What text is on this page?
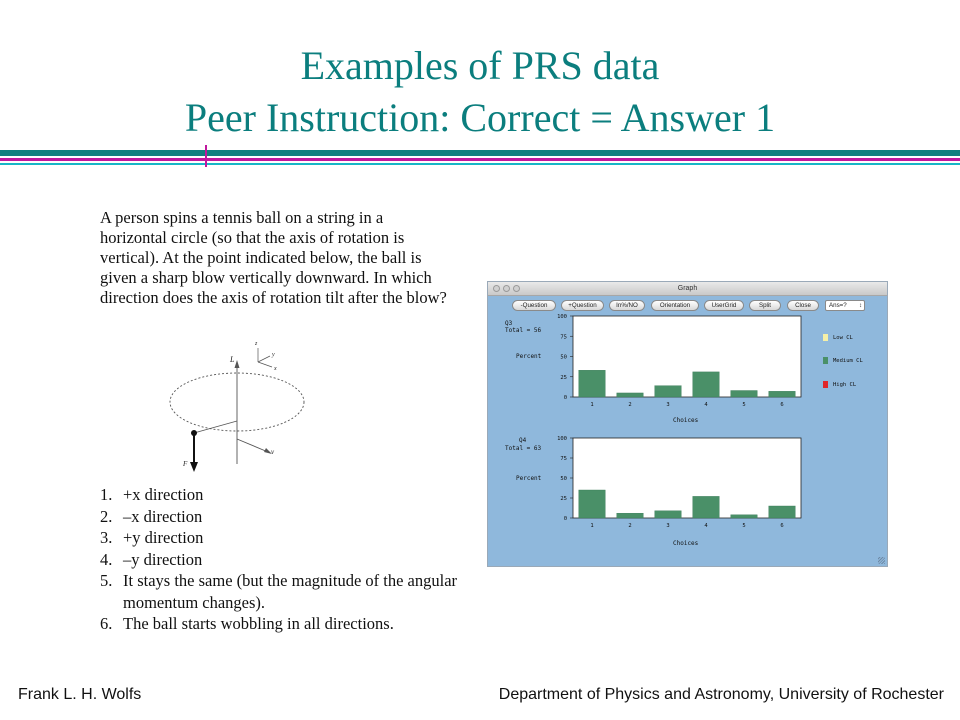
Examples of PRS data
Peer Instruction: Correct = Answer 1

A person spins a tennis ball on a string in a horizontal circle (so that the axis of rotation is vertical). At the point indicated below, the ball is given a sharp blow vertically downward. In which direction does the axis of rotation tilt after the blow?

L
z
y
x
F
v
1. +x direction
2. –x direction
3. +y direction
4. –y direction
5. It stays the same (but the magnitude of the angular momentum changes).
6. The ball starts wobbling in all directions.
Graph
-Question	+Question	In%/NO	Orientation	UserGrid	Split	Close	Ans=? ↕
Q3
Total = 56
Percent
Choices
Q4
Total = 63
Percent
Choices
0
25
50
75
100
1	2	3	4	5	6
0
25
50
75
100
1	2	3	4	5	6
Low CL
Medium CL
High CL
Frank L. H. Wolfs	Department of Physics and Astronomy, University of Rochester
